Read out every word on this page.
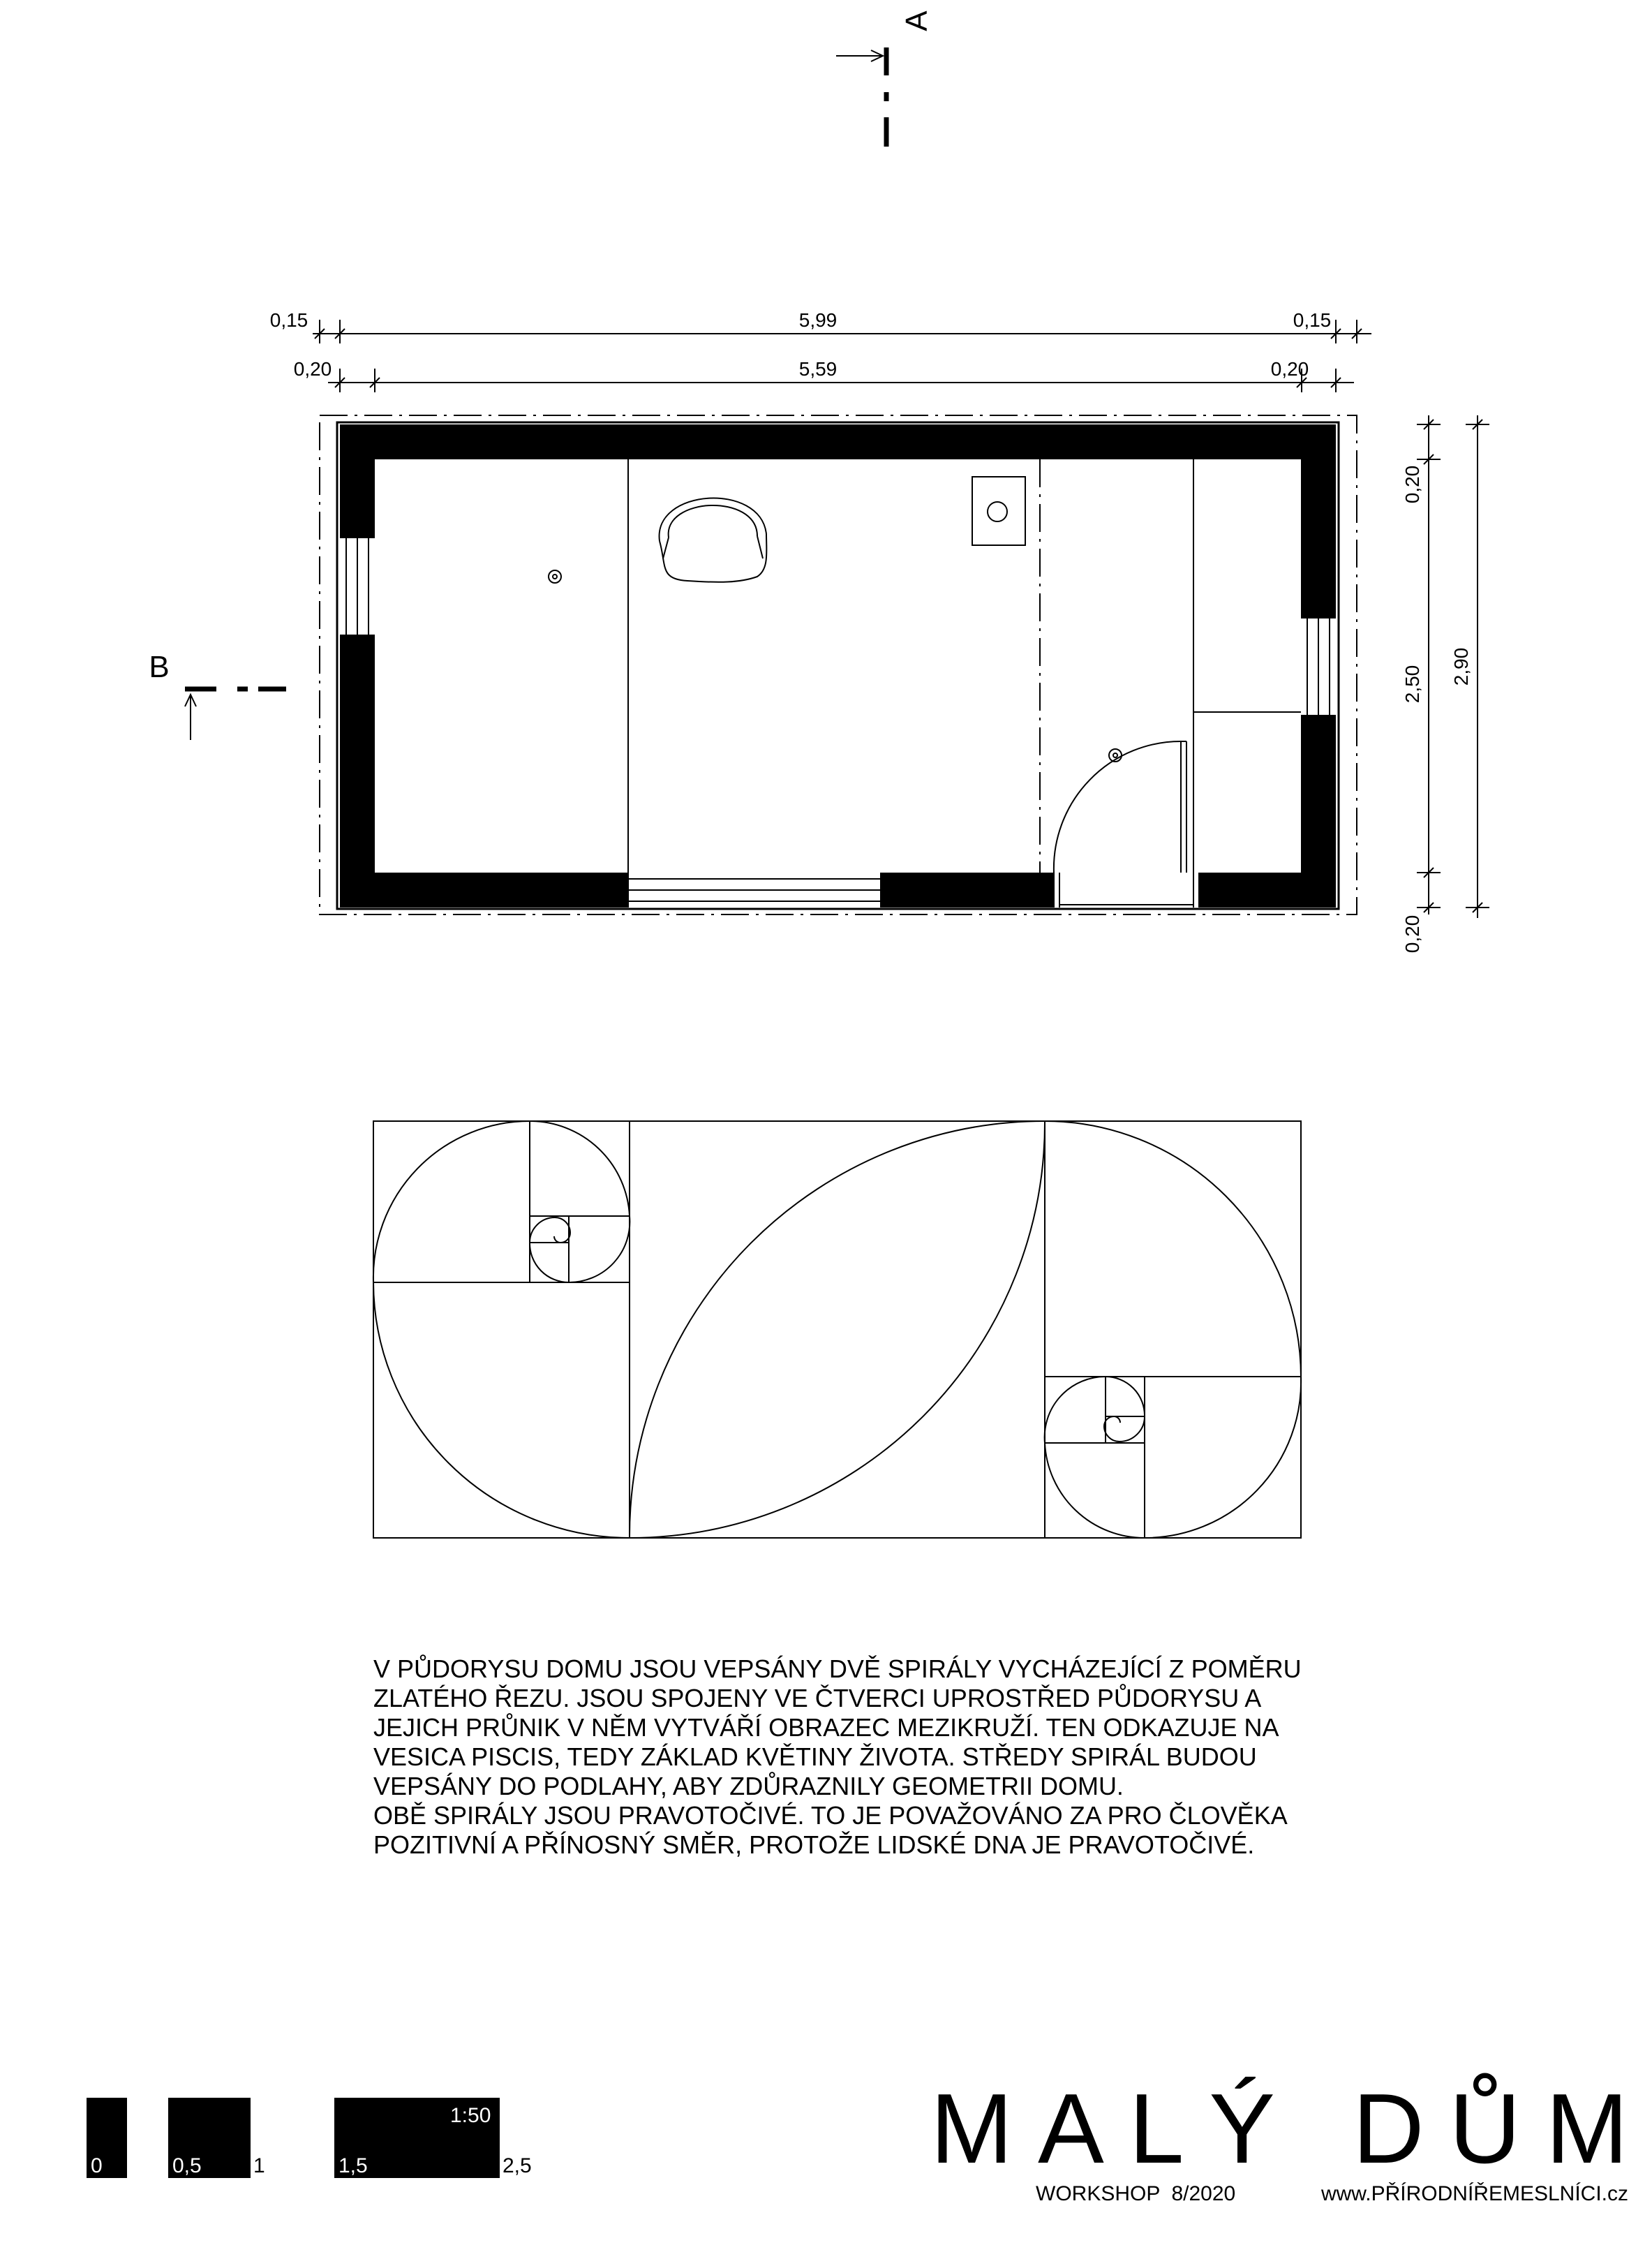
A
B
0,15	5,99	0,15
0,20	5,59	0,20
0,20
2,50
0,20
2,90
1:50
0	0,5 1	1,5	2,5	MALÝ DŮM
WORKSHOP  8/2020	www.PŘÍRODNÍŘEMESLNÍCI.cz

V PŮDORYSU DOMU JSOU VEPSÁNY DVĚ SPIRÁLY VYCHÁZEJÍCÍ Z POMĚRU
ZLATÉHO ŘEZU. JSOU SPOJENY VE ČTVERCI UPROSTŘED PŮDORYSU A
JEJICH PRŮNIK V NĚM VYTVÁŘÍ OBRAZEC MEZIKRUŽÍ. TEN ODKAZUJE NA
VESICA PISCIS, TEDY ZÁKLAD KVĚTINY ŽIVOTA. STŘEDY SPIRÁL BUDOU
VEPSÁNY DO PODLAHY, ABY ZDŮRAZNILY GEOMETRII DOMU.
OBĚ SPIRÁLY JSOU PRAVOTOČIVÉ. TO JE POVAŽOVÁNO ZA PRO ČLOVĚKA
POZITIVNÍ A PŘÍNOSNÝ SMĚR, PROTOŽE LIDSKÉ DNA JE PRAVOTOČIVÉ.
